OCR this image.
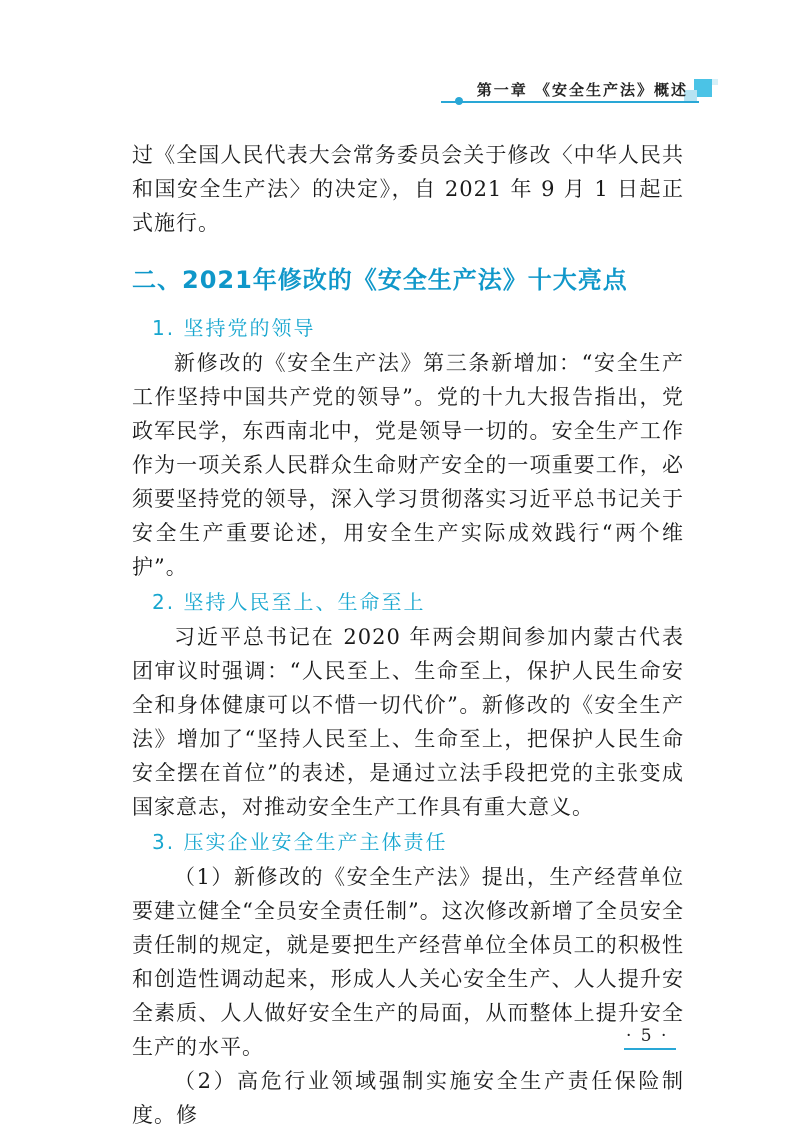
第一章 《安全生产法》概述

过《全国人民代表大会常务委员会关于修改〈中华人民共和国安全生产法〉的决定》，自 2021 年 9 月 1 日起正式施行。

二、2021年修改的《安全生产法》十大亮点
1. 坚持党的领导

新修改的《安全生产法》第三条新增加：“安全生产工作坚持中国共产党的领导”。党的十九大报告指出，党政军民学，东西南北中，党是领导一切的。安全生产工作作为一项关系人民群众生命财产安全的一项重要工作，必须要坚持党的领导，深入学习贯彻落实习近平总书记关于安全生产重要论述，用安全生产实际成效践行“两个维护”。

2. 坚持人民至上、生命至上

习近平总书记在 2020 年两会期间参加内蒙古代表团审议时强调：“人民至上、生命至上，保护人民生命安全和身体健康可以不惜一切代价”。新修改的《安全生产法》增加了“坚持人民至上、生命至上，把保护人民生命安全摆在首位”的表述，是通过立法手段把党的主张变成国家意志，对推动安全生产工作具有重大意义。

3. 压实企业安全生产主体责任

（1）新修改的《安全生产法》提出，生产经营单位要建立健全“全员安全责任制”。这次修改新增了全员安全责任制的规定，就是要把生产经营单位全体员工的积极性和创造性调动起来，形成人人关心安全生产、人人提升安全素质、人人做好安全生产的局面，从而整体上提升安全生产的水平。

（2）高危行业领域强制实施安全生产责任保险制度。修

· 5 ·
